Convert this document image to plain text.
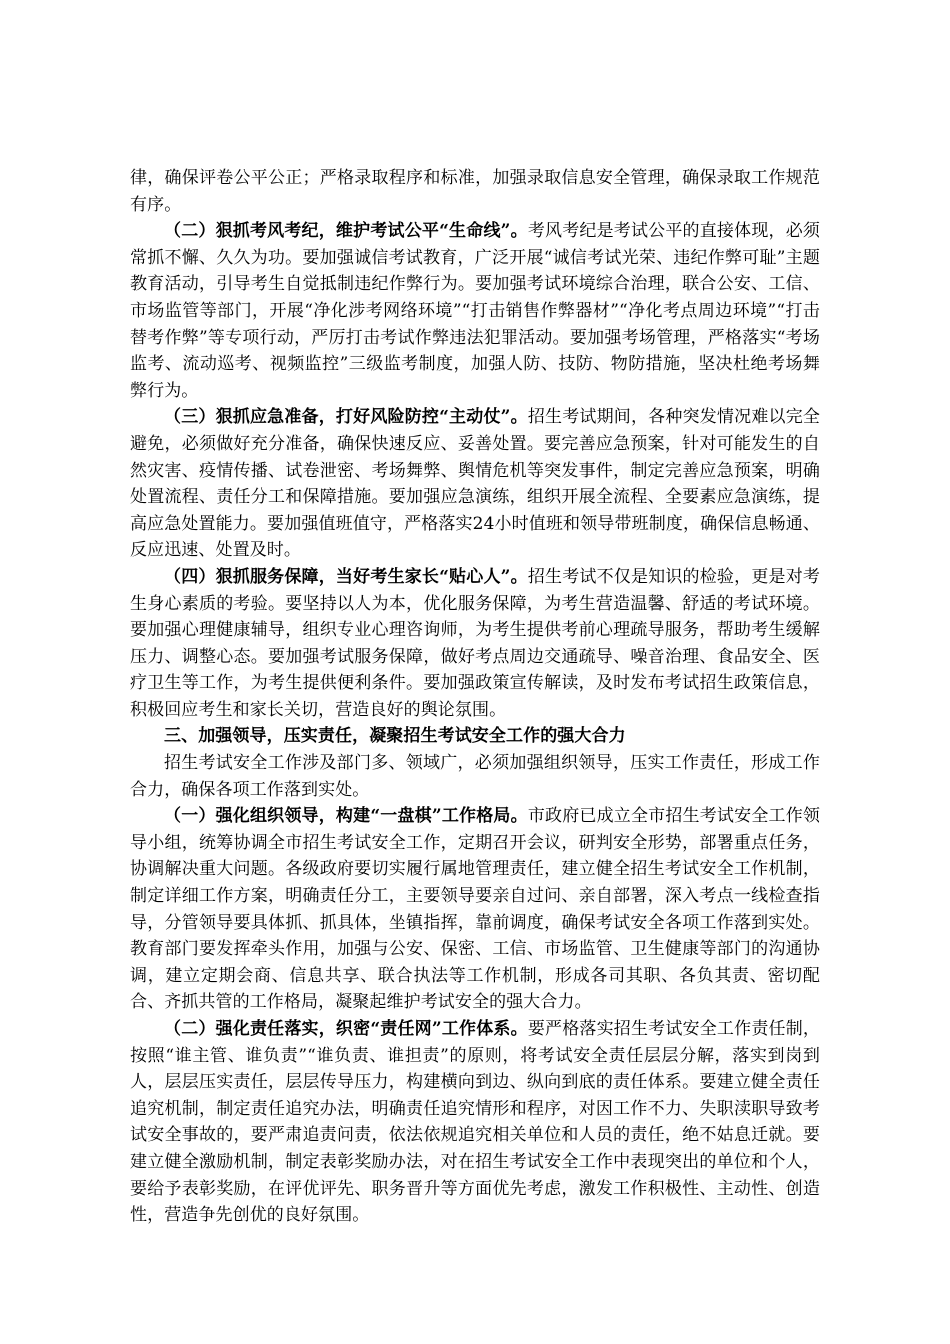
律，确保评卷公平公正；严格录取程序和标准，加强录取信息安全管理，确保录取工作规范有序。

（二）狠抓考风考纪，维护考试公平“生命线”。考风考纪是考试公平的直接体现，必须常抓不懈、久久为功。要加强诚信考试教育，广泛开展“诚信考试光荣、违纪作弊可耻”主题教育活动，引导考生自觉抵制违纪作弊行为。要加强考试环境综合治理，联合公安、工信、市场监管等部门，开展“净化涉考网络环境”“打击销售作弊器材”“净化考点周边环境”“打击替考作弊”等专项行动，严厉打击考试作弊违法犯罪活动。要加强考场管理，严格落实“考场监考、流动巡考、视频监控”三级监考制度，加强人防、技防、物防措施，坚决杜绝考场舞弊行为。

（三）狠抓应急准备，打好风险防控“主动仗”。招生考试期间，各种突发情况难以完全避免，必须做好充分准备，确保快速反应、妥善处置。要完善应急预案，针对可能发生的自然灾害、疫情传播、试卷泄密、考场舞弊、舆情危机等突发事件，制定完善应急预案，明确处置流程、责任分工和保障措施。要加强应急演练，组织开展全流程、全要素应急演练，提高应急处置能力。要加强值班值守，严格落实24小时值班和领导带班制度，确保信息畅通、反应迅速、处置及时。

（四）狠抓服务保障，当好考生家长“贴心人”。招生考试不仅是知识的检验，更是对考生身心素质的考验。要坚持以人为本，优化服务保障，为考生营造温馨、舒适的考试环境。要加强心理健康辅导，组织专业心理咨询师，为考生提供考前心理疏导服务，帮助考生缓解压力、调整心态。要加强考试服务保障，做好考点周边交通疏导、噪音治理、食品安全、医疗卫生等工作，为考生提供便利条件。要加强政策宣传解读，及时发布考试招生政策信息，积极回应考生和家长关切，营造良好的舆论氛围。

三、加强领导，压实责任，凝聚招生考试安全工作的强大合力

招生考试安全工作涉及部门多、领域广，必须加强组织领导，压实工作责任，形成工作合力，确保各项工作落到实处。

（一）强化组织领导，构建“一盘棋”工作格局。市政府已成立全市招生考试安全工作领导小组，统筹协调全市招生考试安全工作，定期召开会议，研判安全形势，部署重点任务，协调解决重大问题。各级政府要切实履行属地管理责任，建立健全招生考试安全工作机制，制定详细工作方案，明确责任分工，主要领导要亲自过问、亲自部署，深入考点一线检查指导，分管领导要具体抓、抓具体，坐镇指挥，靠前调度，确保考试安全各项工作落到实处。教育部门要发挥牵头作用，加强与公安、保密、工信、市场监管、卫生健康等部门的沟通协调，建立定期会商、信息共享、联合执法等工作机制，形成各司其职、各负其责、密切配合、齐抓共管的工作格局，凝聚起维护考试安全的强大合力。

（二）强化责任落实，织密“责任网”工作体系。要严格落实招生考试安全工作责任制，按照“谁主管、谁负责”“谁负责、谁担责”的原则，将考试安全责任层层分解，落实到岗到人，层层压实责任，层层传导压力，构建横向到边、纵向到底的责任体系。要建立健全责任追究机制，制定责任追究办法，明确责任追究情形和程序，对因工作不力、失职渎职导致考试安全事故的，要严肃追责问责，依法依规追究相关单位和人员的责任，绝不姑息迁就。要建立健全激励机制，制定表彰奖励办法，对在招生考试安全工作中表现突出的单位和个人，要给予表彰奖励，在评优评先、职务晋升等方面优先考虑，激发工作积极性、主动性、创造性，营造争先创优的良好氛围。
